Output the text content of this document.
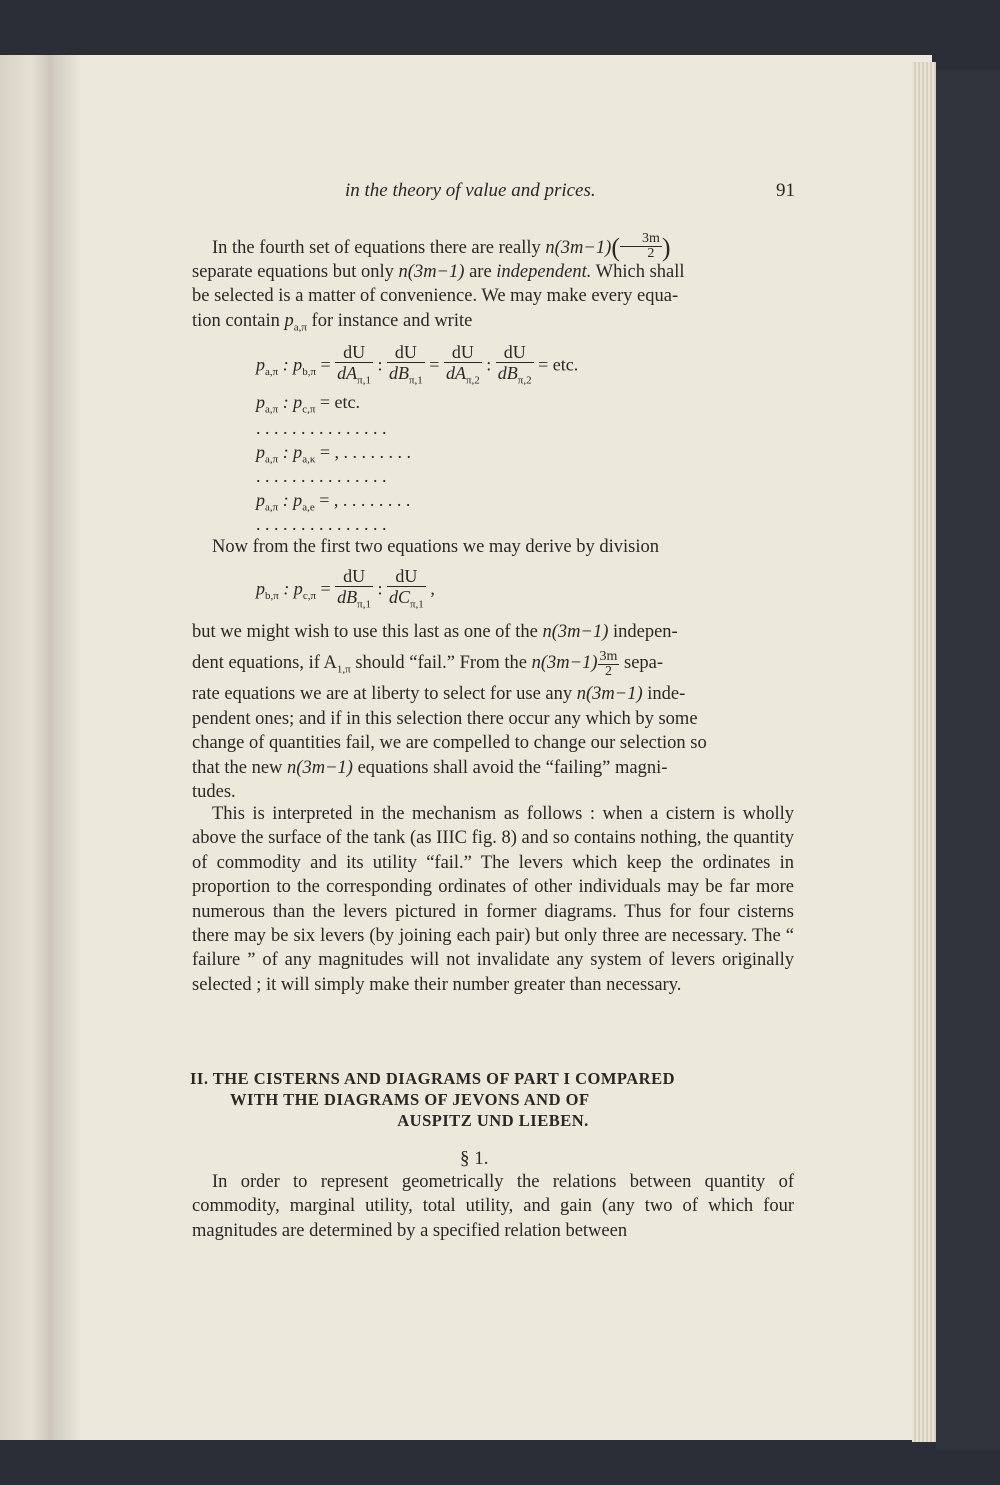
in the theory of value and prices.	91
In the fourth set of equations there are really $n(3m-1)( \frac{3m}{2}$ )
separate equations but only n(3m−1) are independent. Which shall
be selected is a matter of convenience. We may make every equa-
tion contain $p_{a,\pi}$ for instance and write
$p_{a,\pi}$ : $p_{b,\pi} = \frac{dU}{dA_{\pi,1}}$ : $\frac{dU}{dB_{\pi,1}} = \frac{dU}{dA_{\pi,2}}$ : $\frac{dU}{dB_{\pi,2}}$ = etc.
$p_{a,\pi}$ : $p_{c,\pi}$ = etc.
. . . . . . . . . . . . . . .
$p_{a,\pi}$ : $p_{a,\kappa}$ = , . . . . . . . .
. . . . . . . . . . . . . . .
$p_{a,\pi}$ : $p_{a,e}$ = , . . . . . . . .
. . . . . . . . . . . . . . .
Now from the first two equations we may derive by division
$p_{b,\pi}$ : $p_{c,\pi} = \frac{dU}{dB_{\pi,1}}$ : $\frac{dU}{dC_{\pi,1}}$ ,
but we might wish to use this last as one of the n(3m−1) indepen-
dent equations, if $A_{1,\pi}$ should “fail.” From the $n(3m-1) \frac{3m}{2}$ sepa-
rate equations we are at liberty to select for use any n(3m−1) inde-
pendent ones; and if in this selection there occur any which by some
change of quantities fail, we are compelled to change our selection so
that the new n(3m−1) equations shall avoid the “failing” magni-
tudes.

This is interpreted in the mechanism as follows : when a cistern is wholly above the surface of the tank (as IIIC fig. 8) and so contains nothing, the quantity of commodity and its utility “fail.” The levers which keep the ordinates in proportion to the corresponding ordinates of other individuals may be far more numerous than the levers pictured in former diagrams. Thus for four cisterns there may be six levers (by joining each pair) but only three are necessary. The “ failure ” of any magnitudes will not invalidate any system of levers originally selected ; it will simply make their number greater than necessary.

II. THE CISTERNS AND DIAGRAMS OF PART I COMPARED
WITH THE DIAGRAMS OF JEVONS AND OF
AUSPITZ UND LIEBEN.
§ 1.

In order to represent geometrically the relations between quantity of commodity, marginal utility, total utility, and gain (any two of which four magnitudes are determined by a specified relation between
